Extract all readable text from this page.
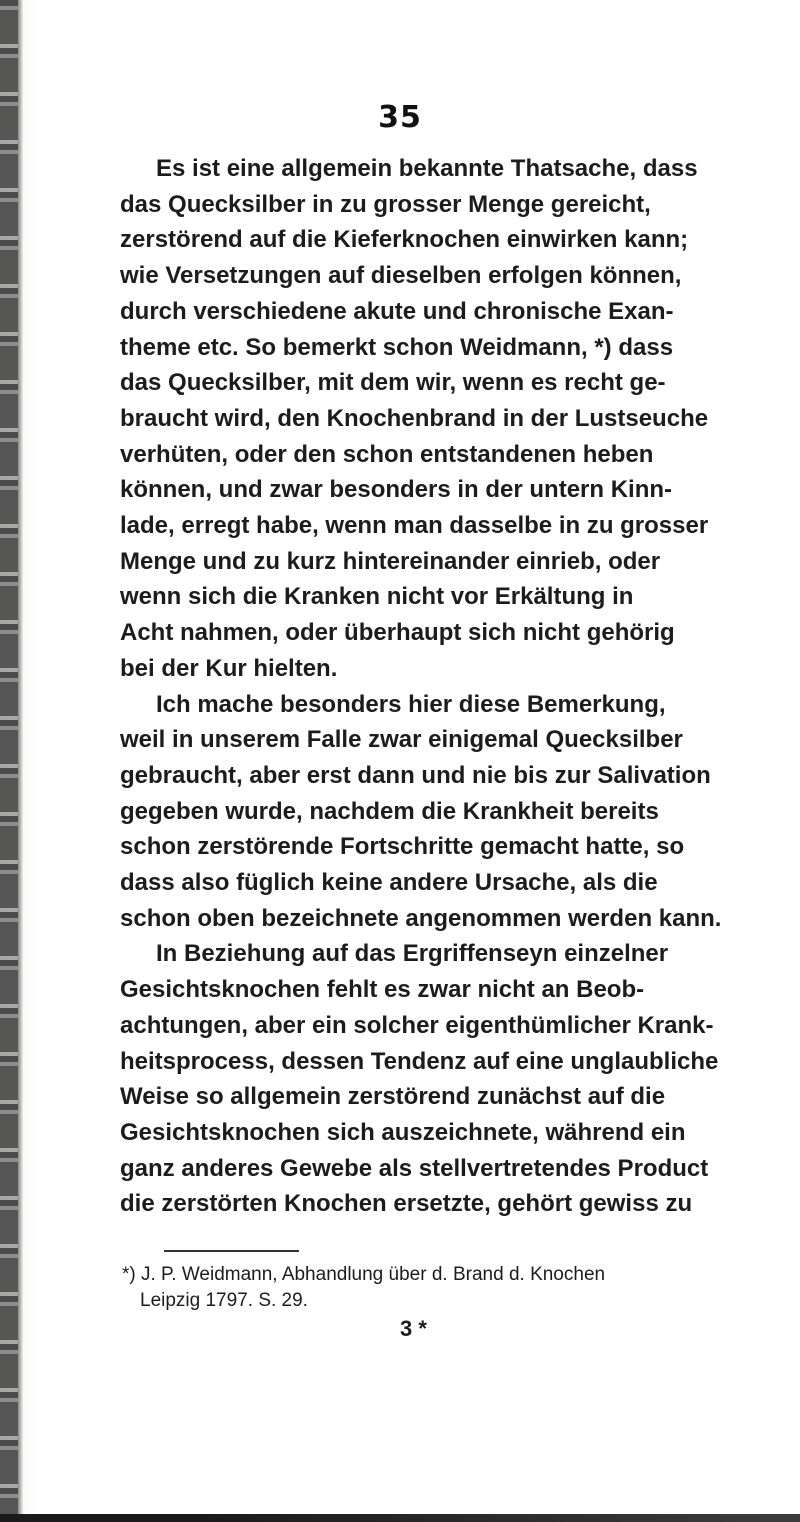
35
Es ist eine allgemein bekannte Thatsache, dass
das Quecksilber in zu grosser Menge gereicht,
zerstörend auf die Kieferknochen einwirken kann;
wie Versetzungen auf dieselben erfolgen können,
durch verschiedene akute und chronische Exan-
theme etc. So bemerkt schon Weidmann, *) dass
das Quecksilber, mit dem wir, wenn es recht ge-
braucht wird, den Knochenbrand in der Lustseuche
verhüten, oder den schon entstandenen heben
können, und zwar besonders in der untern Kinn-
lade, erregt habe, wenn man dasselbe in zu grosser
Menge und zu kurz hintereinander einrieb, oder
wenn sich die Kranken nicht vor Erkältung in
Acht nahmen, oder überhaupt sich nicht gehörig
bei der Kur hielten.
Ich mache besonders hier diese Bemerkung,
weil in unserem Falle zwar einigemal Quecksilber
gebraucht, aber erst dann und nie bis zur Salivation
gegeben wurde, nachdem die Krankheit bereits
schon zerstörende Fortschritte gemacht hatte, so
dass also füglich keine andere Ursache, als die
schon oben bezeichnete angenommen werden kann.
In Beziehung auf das Ergriffenseyn einzelner
Gesichtsknochen fehlt es zwar nicht an Beob-
achtungen, aber ein solcher eigenthümlicher Krank-
heitsprocess, dessen Tendenz auf eine unglaubliche
Weise so allgemein zerstörend zunächst auf die
Gesichtsknochen sich auszeichnete, während ein
ganz anderes Gewebe als stellvertretendes Product
die zerstörten Knochen ersetzte, gehört gewiss zu
*) J. P. Weidmann, Abhandlung über d. Brand d. Knochen
Leipzig 1797. S. 29.
3 *
